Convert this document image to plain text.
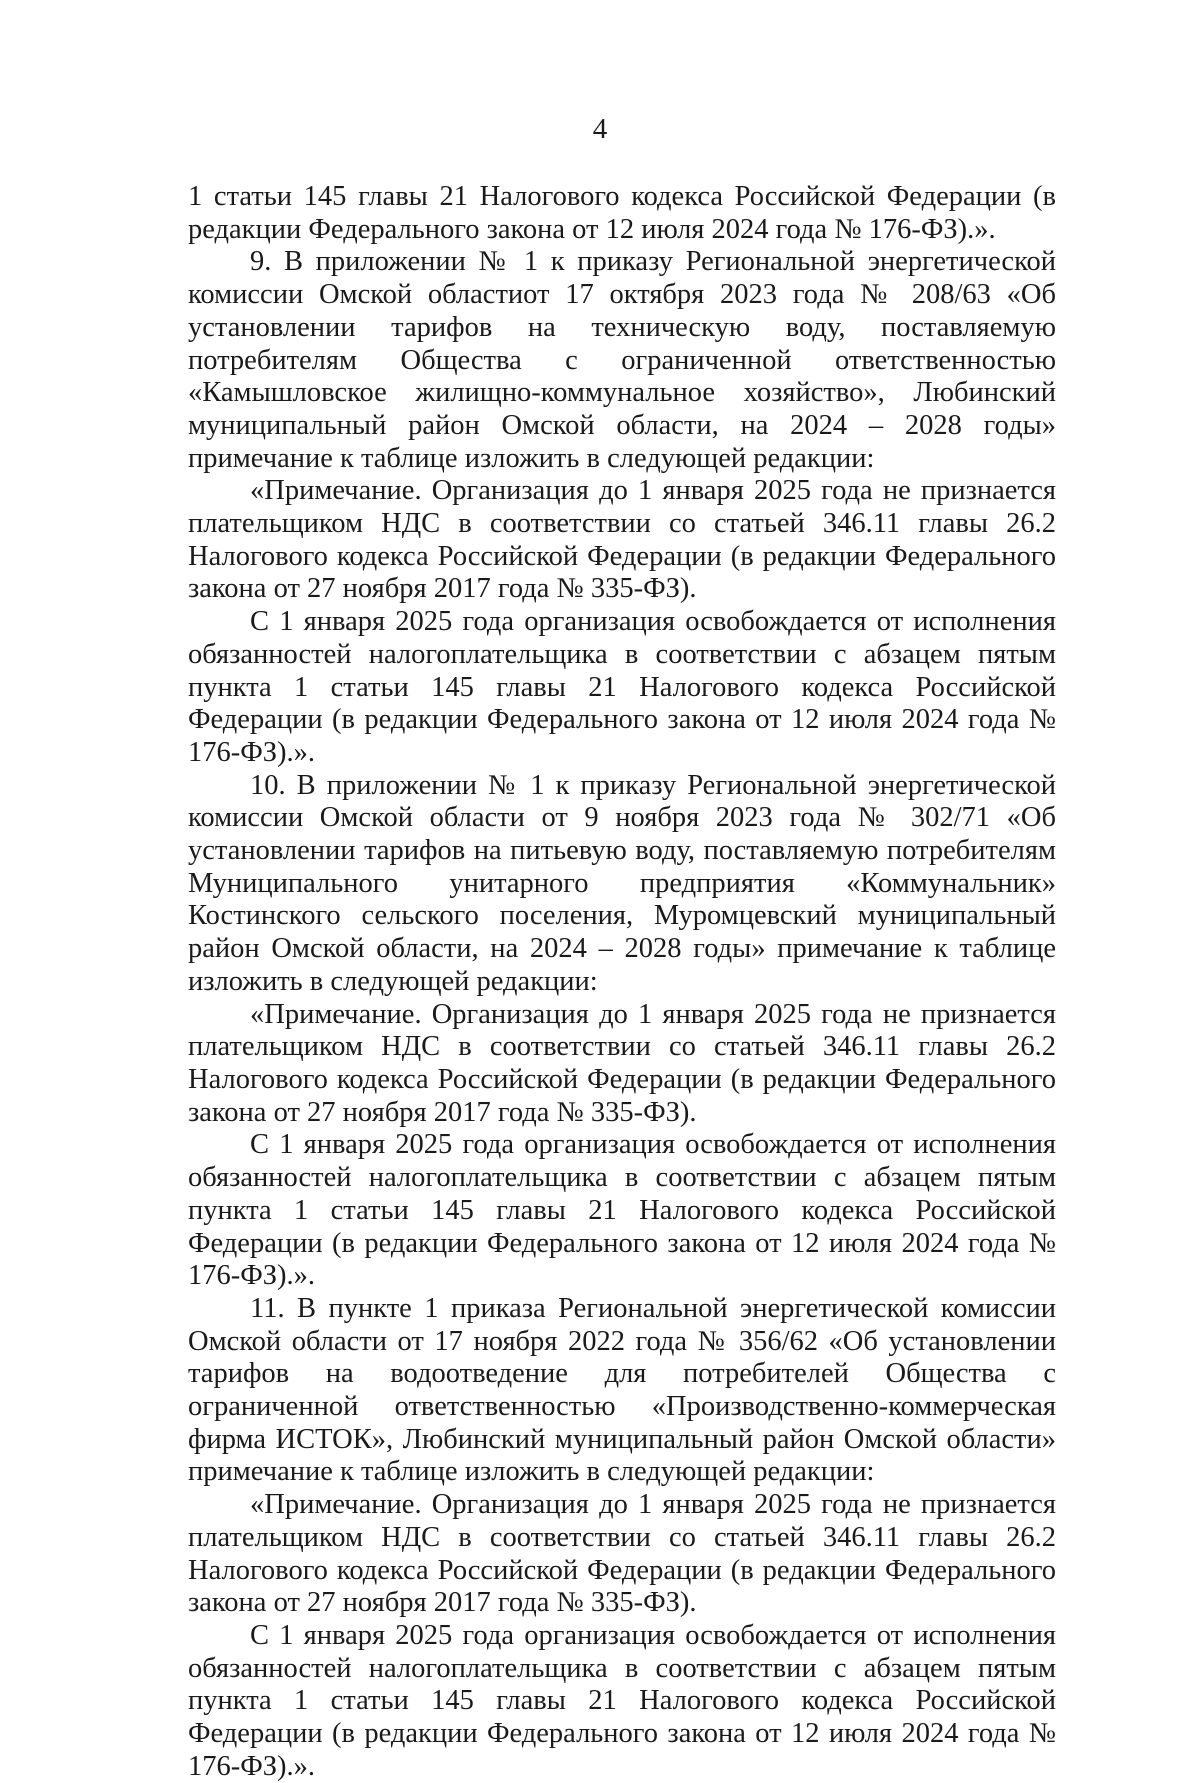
4

1 статьи 145 главы 21 Налогового кодекса Российской Федерации (в редакции Федерального закона от 12 июля 2024 года № 176-ФЗ).».

9. В приложении № 1 к приказу Региональной энергетической комиссии Омской областиот 17 октября 2023 года № 208/63 «Об установлении тарифов на техническую воду, поставляемую потребителям Общества с ограниченной ответственностью «Камышловское жилищно-коммунальное хозяйство», Любинский муниципальный район Омской области, на 2024 – 2028 годы» примечание к таблице изложить в следующей редакции:

«Примечание. Организация до 1 января 2025 года не признается плательщиком НДС в соответствии со статьей 346.11 главы 26.2 Налогового кодекса Российской Федерации (в редакции Федерального закона от 27 ноября 2017 года № 335-ФЗ).

С 1 января 2025 года организация освобождается от исполнения обязанностей налогоплательщика в соответствии с абзацем пятым пункта 1 статьи 145 главы 21 Налогового кодекса Российской Федерации (в редакции Федерального закона от 12 июля 2024 года № 176-ФЗ).».

10. В приложении № 1 к приказу Региональной энергетической комиссии Омской области от 9 ноября 2023 года № 302/71 «Об установлении тарифов на питьевую воду, поставляемую потребителям Муниципального унитарного предприятия «Коммунальник» Костинского сельского поселения, Муромцевский муниципальный район Омской области, на 2024 – 2028 годы» примечание к таблице изложить в следующей редакции:

«Примечание. Организация до 1 января 2025 года не признается плательщиком НДС в соответствии со статьей 346.11 главы 26.2 Налогового кодекса Российской Федерации (в редакции Федерального закона от 27 ноября 2017 года № 335-ФЗ).

С 1 января 2025 года организация освобождается от исполнения обязанностей налогоплательщика в соответствии с абзацем пятым пункта 1 статьи 145 главы 21 Налогового кодекса Российской Федерации (в редакции Федерального закона от 12 июля 2024 года № 176-ФЗ).».

11. В пункте 1 приказа Региональной энергетической комиссии Омской области от 17 ноября 2022 года № 356/62 «Об установлении тарифов на водоотведение для потребителей Общества с ограниченной ответственностью «Производственно-коммерческая фирма ИСТОК», Любинский муниципальный район Омской области» примечание к таблице изложить в следующей редакции:

«Примечание. Организация до 1 января 2025 года не признается плательщиком НДС в соответствии со статьей 346.11 главы 26.2 Налогового кодекса Российской Федерации (в редакции Федерального закона от 27 ноября 2017 года № 335-ФЗ).

С 1 января 2025 года организация освобождается от исполнения обязанностей налогоплательщика в соответствии с абзацем пятым пункта 1 статьи 145 главы 21 Налогового кодекса Российской Федерации (в редакции Федерального закона от 12 июля 2024 года № 176-ФЗ).».
